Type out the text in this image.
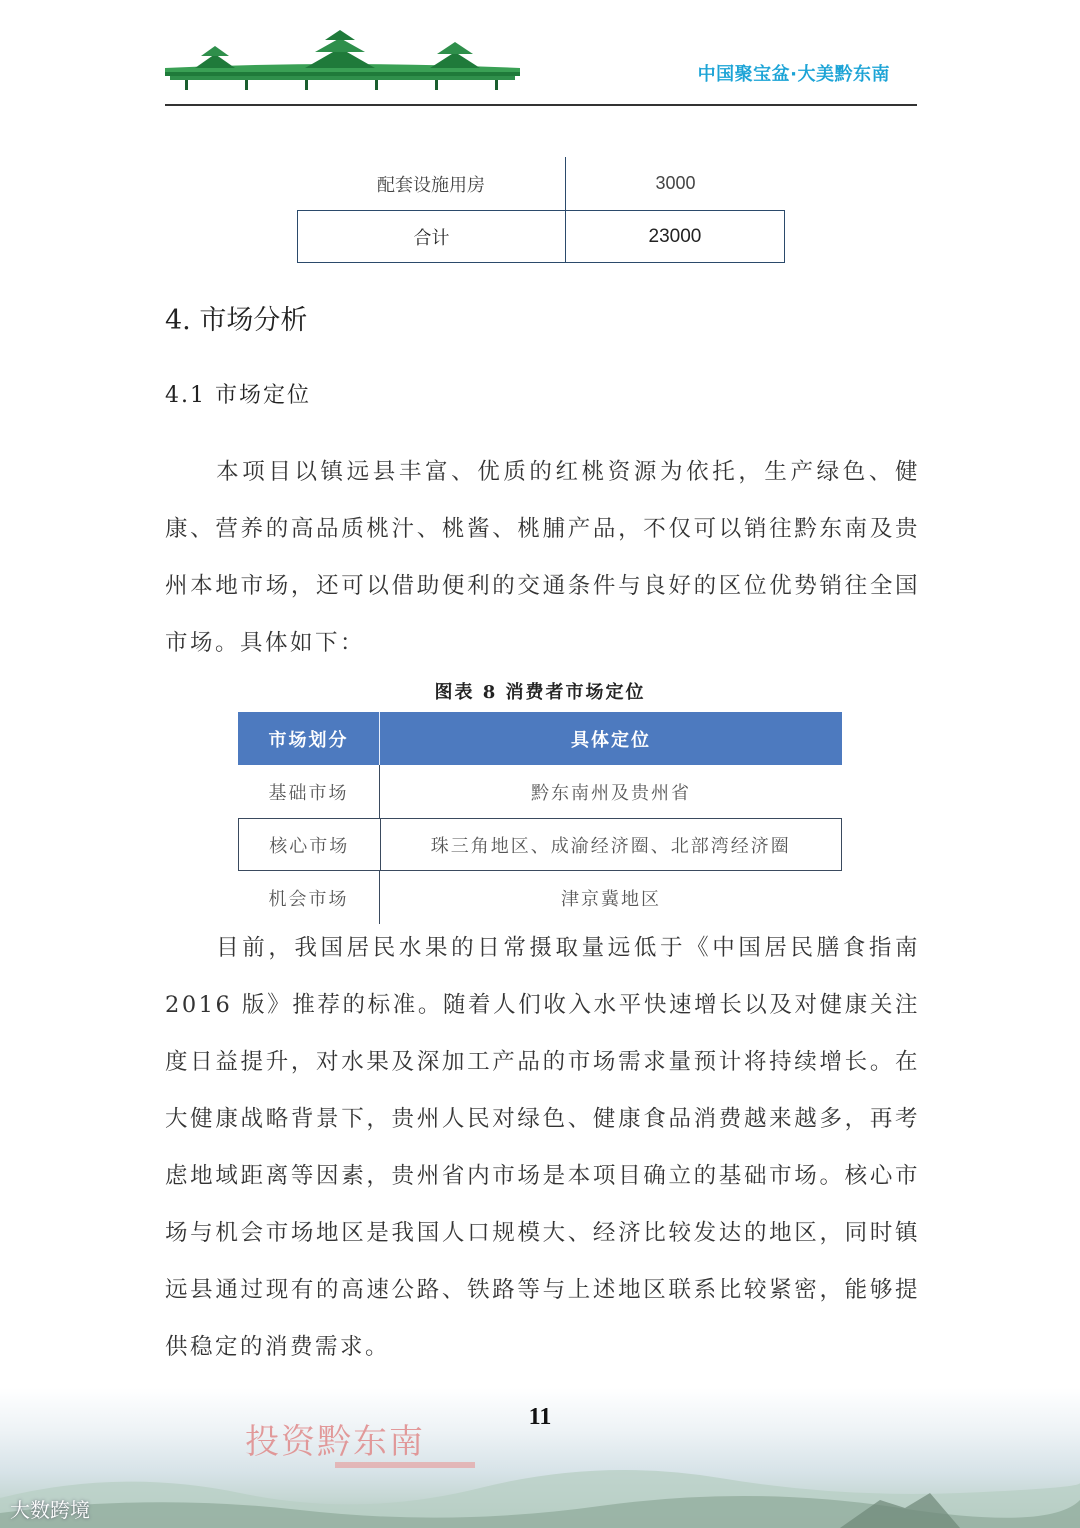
中国聚宝盆·大美黔东南
配套设施用房	3000
合计	23000
4. 市场分析
4.1 市场定位
本项目以镇远县丰富、优质的红桃资源为依托，生产绿色、健康、营养的高品质桃汁、桃酱、桃脯产品，不仅可以销往黔东南及贵州本地市场，还可以借助便利的交通条件与良好的区位优势销往全国市场。具体如下：
图表 8 消费者市场定位
市场划分	具体定位
基础市场	黔东南州及贵州省
核心市场	珠三角地区、成渝经济圈、北部湾经济圈
机会市场	津京冀地区
目前，我国居民水果的日常摄取量远低于《中国居民膳食指南 2016 版》推荐的标准。随着人们收入水平快速增长以及对健康关注度日益提升，对水果及深加工产品的市场需求量预计将持续增长。在大健康战略背景下，贵州人民对绿色、健康食品消费越来越多，再考虑地域距离等因素，贵州省内市场是本项目确立的基础市场。核心市场与机会市场地区是我国人口规模大、经济比较发达的地区，同时镇远县通过现有的高速公路、铁路等与上述地区联系比较紧密，能够提供稳定的消费需求。
11
投资黔东南
大数跨境
